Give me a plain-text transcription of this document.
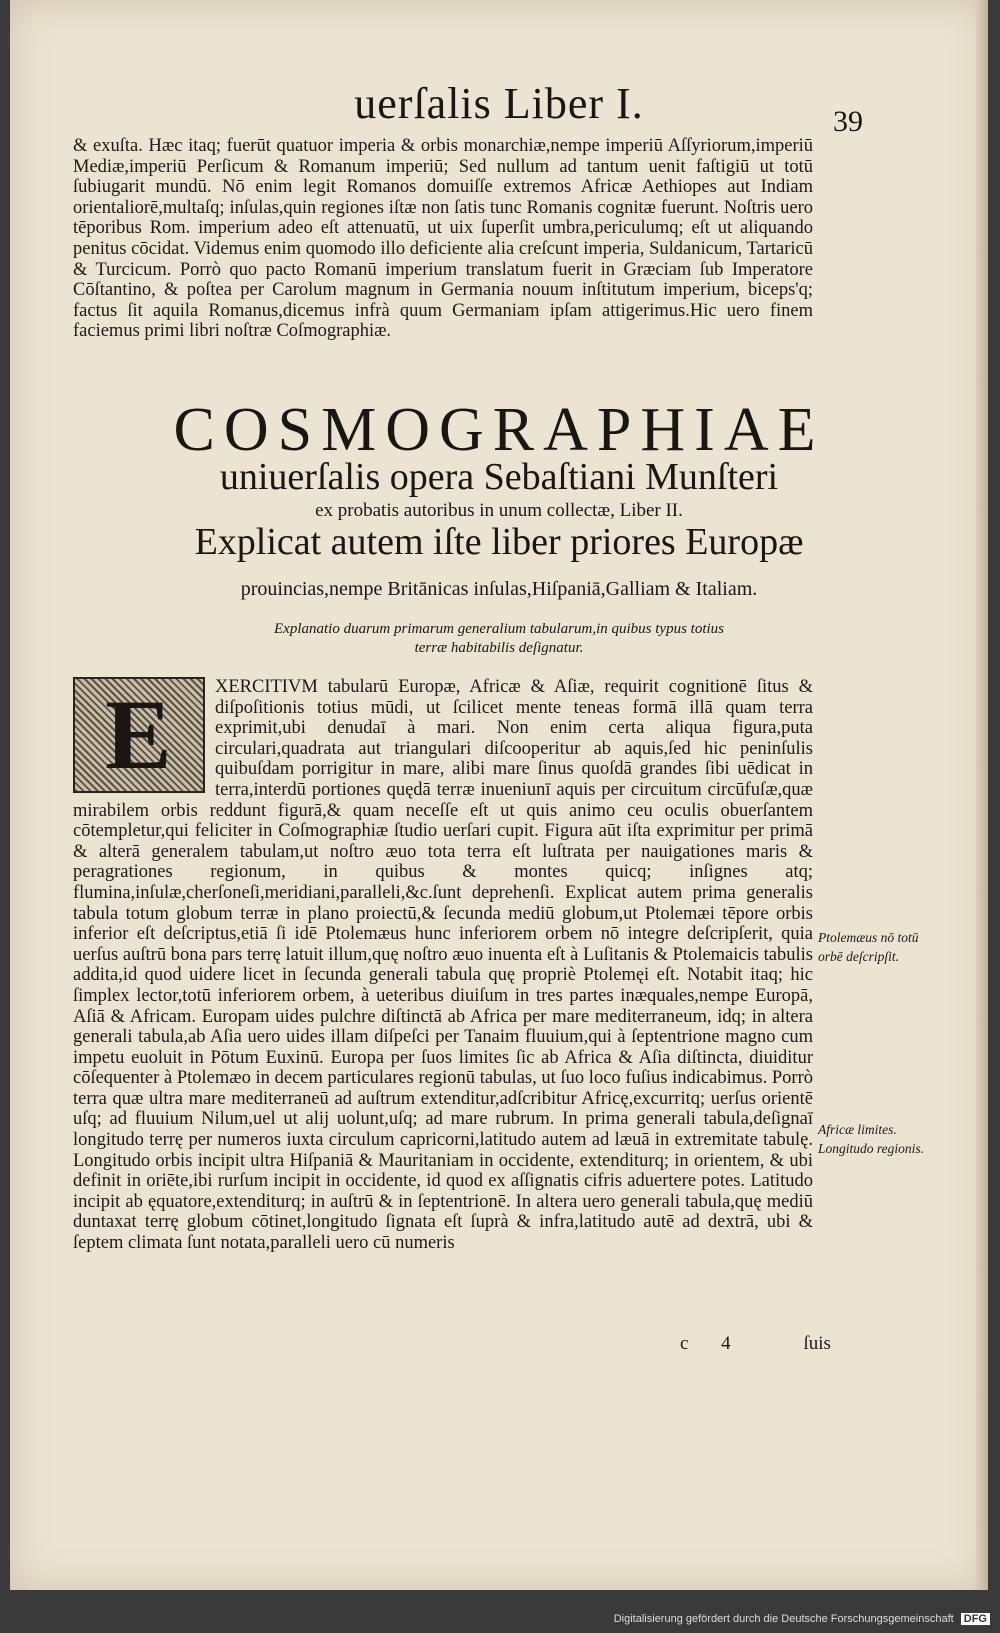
uerſalis Liber I.	39
& exuſta. Hæc itaq; fuerūt quatuor imperia & orbis monarchiæ,nempe imperiū Aſſyriorum,imperiū Mediæ,imperiū Perſicum & Romanum imperiū; Sed nullum ad tantum uenit faſtigiū ut totū ſubiugarit mundū. Nō enim legit Romanos domuiſſe extremos Africæ Aethiopes aut Indiam orientaliorē,multaſq; inſulas,quin regiones iſtæ non ſatis tunc Romanis cognitæ fuerunt. Noſtris uero tēporibus Rom. imperium adeo eſt attenuatū, ut uix ſuperſit umbra,periculumq; eſt ut aliquando penitus cōcidat. Videmus enim quomodo illo deficiente alia creſcunt imperia, Suldanicum, Tartaricū & Turcicum. Porrò quo pacto Romanū imperium translatum fuerit in Græciam ſub Imperatore Cōſtantino, & poſtea per Carolum magnum in Germania nouum inſtitutum imperium, biceps'q; factus ſit aquila Romanus,dicemus infrà quum Germaniam ipſam attigerimus.Hic uero finem faciemus primi libri noſtræ Coſmographiæ.
COSMOGRAPHIAE
uniuerſalis opera Sebaſtiani Munſteri
ex probatis autoribus in unum collectæ, Liber II.
Explicat autem iſte liber priores Europæ
prouincias,nempe Britānicas inſulas,Hiſpaniā,Galliam & Italiam.
Explanatio duarum primarum generalium tabularum,in quibus typus totius terræ habitabilis deſignatur.
E XERCITIVM tabularū Europæ, Africæ & Aſiæ, requirit cognitionē ſitus & diſpoſitionis totius mūdi, ut ſcilicet mente teneas formā illā quam terra exprimit,ubi denudaī à mari. Non enim certa aliqua figura,puta circulari,quadrata aut triangulari diſcooperitur ab aquis,ſed hic peninſulis quibuſdam porrigitur in mare, alibi mare ſinus quoſdā grandes ſibi uēdicat in terra,interdū portiones quędā terræ inueniunī aquis per circuitum circūfuſæ,quæ mirabilem orbis reddunt figurā,& quam neceſſe eſt ut quis animo ceu oculis obuerſantem cōtempletur,qui feliciter in Coſmographiæ ſtudio uerſari cupit. Figura aūt iſta exprimitur per primā & alterā generalem tabulam,ut noſtro æuo tota terra eſt luſtrata per nauigationes maris & peragrationes regionum, in quibus & montes quicq; inſignes atq; flumina,inſulæ,cherſoneſi,meridiani,paralleli,&c.ſunt deprehenſi. Explicat autem prima generalis tabula totum globum terræ in plano proiectū,& ſecunda mediū globum,ut Ptolemæi tēpore orbis inferior eſt deſcriptus,etiā ſi idē Ptolemæus hunc inferiorem orbem nō integre deſcripſerit, quia uerſus auſtrū bona pars terrę latuit illum,quę noſtro æuo inuenta eſt à Luſitanis & Ptolemaicis tabulis addita,id quod uidere licet in ſecunda generali tabula quę propriè Ptolemęi eſt. Notabit itaq; hic ſimplex lector,totū inferiorem orbem, à ueteribus diuiſum in tres partes inæquales,nempe Europā, Aſiā & Africam. Europam uides pulchre diſtinctā ab Africa per mare mediterraneum, idq; in altera generali tabula,ab Aſia uero uides illam diſpeſci per Tanaim fluuium,qui à ſeptentrione magno cum impetu euoluit in Pōtum Euxinū. Europa per ſuos limites ſic ab Africa & Aſia diſtincta, diuiditur cōſequenter à Ptolemæo in decem particulares regionū tabulas, ut ſuo loco fuſius indicabimus. Porrò terra quæ ultra mare mediterraneū ad auſtrum extenditur,adſcribitur Africę,excurritq; uerſus orientē uſq; ad fluuium Nilum,uel ut alij uolunt,uſq; ad mare rubrum. In prima generali tabula,deſignaī longitudo terrę per numeros iuxta circulum capricorni,latitudo autem ad læuā in extremitate tabulę. Longitudo orbis incipit ultra Hiſpaniā & Mauritaniam in occidente, extenditurq; in orientem, & ubi definit in oriēte,ibi rurſum incipit in occidente, id quod ex aſſignatis cifris aduertere potes. Latitudo incipit ab ęquatore,extenditurq; in auſtrū & in ſeptentrionē. In altera uero generali tabula,quę mediū duntaxat terrę globum cōtinet,longitudo ſignata eſt ſuprà & infra,latitudo autē ad dextrā, ubi & ſeptem climata ſunt notata,paralleli uero cū numeris
Ptolemæus nō totū orbē deſcripſit.
Africæ limites. Longitudo regionis.
c 4	ſuis
Digitalisierung gefördert durch die Deutsche Forschungsgemeinschaft DFG
